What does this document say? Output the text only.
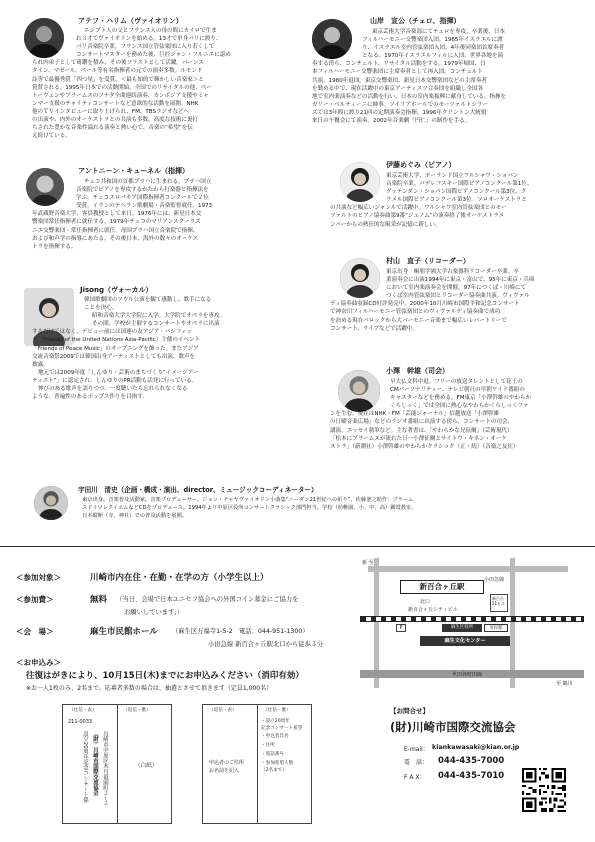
アテフ・ハリム（ヴァイオリン）
エジプト人の父とフランス人の母の間にカイロで生ま
れ３才でヴァイオリンを始める。13才で単身パリに渡り、
パリ音楽院卒業。フランス国立管弦楽団に入り若くして
コンサートマスターを務めた後、巨匠ジャン・フルニエに認め
られ内弟子として研鑽を積み、その後ソリストとして活躍。パーンス
タイン、マゼール、ペール等有名指揮者の元での演奏多数。ルモンド
誌等で最優秀賞「四つ星」を受賞。＜最も知的で輝かしい音楽家＞と
賞賛される。1995年日本での活動開始。全国でのリサイタルの他、ペー
トーヴェンやブラームスのソナタ全曲連続演奏、カンボジア支援やミャ
ンマー支援のチャリティコンサートなど意欲的な活動を展開。NHK
他のＴＶインタビューに取り上げられ、FM、TBSラジオなどへ
の出演や、内外のオーケストラとの共演も多数。高度な技術に裏打
ちされた豊かな音楽性溢れる演奏と熱い心で、音楽の“希望”を伝
え続けている。
アントニーン・キューネル（指揮）
チェコ共和国の首都プラハに生まれる。プラハ国立
音楽院でピアノを専攻するかたわら打楽器と指揮法を
学ぶ。チェコスロバキア国際指揮者コンクールで２位
受賞。イランのテヘラン歌劇場・音楽監督就任。1973
年武蔵野音楽大学、客員教授として来日。1976年には、新星日本交
響楽団常任指揮者に就任する。1979年チェコのマリアンスクーラズ
ニエ交響楽団・常任指揮者に就任。母国プラハ国立音楽院で指揮、
および和声学の指導にあたる。その後日本、海外の数々のオーケス
トラを指揮する。
Jisong（ヴォーカル）
韓国歌劇団のソウル公演を観て感動し、歌手になる
ことを決心。
昭和音楽大学大学院に入学。大学院でオペラを専攻。
その間、学校が主催するコンサートやオペラに出演
するだけではなく、デビュー前には国連の友アジア・パシフィッ
ク（Friends of the United Nations Asia-Pacific）主催のイベント
「Friends of Peace Music」のオープニングを飾った。またアジア
交流音楽祭2009では韓国出身アーティストとしても出演、歌声を
披露。
地元では2009年度「しんゆり・芸術のまちづくり“イメージアー
ティスト”」に認定され、しんゆりのPR活動も活発に行っている。
伸びのある歌声を語りつつ、一度聴いたら忘れられなくなる
ような、普遍性のあるポップス作りを目指す。
山岸　宣公（チェロ、指揮）
東京芸術大学音楽部にてチェロを専攻。卒業後、日本
フィルハーモニー交響楽団入団。1965年イスラエルに渡
り、イスラエル室内管弦楽団入団。4年後同楽団首席奏者
となる。1970年イスラエルフィルに入団。世界各地を演
奏する傍ら、コンチェルト、リサイタル活動をする。1979年帰国、日
本フィルハーモニー交響楽団に主席奏者として再入団。コンチェルト
共演。1980年退団。東京交響楽団、新星日本交響楽団などの主席奏者
を勤める中で、現在活躍中の東京アーティスツ合奏団を組織し全国各
地で室内楽演奏などの活動を行い、日本の室内楽振興に献身している。指揮を
ガリー・ベルティーニに師事。ソイリアホールでのモーツァルトシリー
ズでは3年間に渡り21回の定期演奏会指揮。1996年クリントン大統領
来日の午餐会にて演奏。2002年音楽劇「円仁」の制作を手る。
伊藤めぐみ（ピアノ）
東京芸術大学、ポーランド国立ワルシャワ・ショパン
音楽院卒業。パデレフスキー国際ピアノコンクール第1位。
グッテンダン・ショパン国際ピアノコンクール第3位、ク
ラメル国際ピアノコンクール第3位。ソロオーケストラと
の共演など幅広いジャンルで活躍中。ワルシャワ室内管弦楽団とのモー
ツァルトのピアノ協奏曲第9番“ジュノム”の演奏終了後オーケストラメ
ンバーからの熱狂的な喝采が記憶に新しい。
村山　直子（リコーダー）
東京出身　桐朋学園大学古楽器科リコーダー卒業。卒
業演奏会に出演1994年に東京・富山で、95年に東京・兵庫
において室内楽演奏会を開催。97年につくば・川崎にて
つくば室内管弦楽団とリコーダー協奏曲共演。ヴィヴァル
ディ協奏曲収録CD好評発売中。2000年10月川崎市国際平和記念コンサート
で神奈川フィルハーモニー管弦楽団とのヴィヴァルディ協奏曲で成功
を治める現在バロックから大バーモニー音楽まで幅広いレパートリーで
コンサート、ライブなどで活躍中。
小澤　幹雄（司会）
早大仏文科中退。フリーの放送タレントとして花王の
CMパーソナリティー、テレビ朝日の早朝ワイド番組の
キャスターなどを務める。FM東京「小澤幹雄のやわらか
くらしっく」では全国に熱心なやわらかくらしっくファ
ンを生む。現在はNHK・FM「芸能ジャーナル」信越放送「小澤幹雄
の日曜音楽広場」などのラジオ番組に出演する傍ら、コンサートの司会、
講演、エッセイ執筆など。主な著書は、「やわらかな兄征爾」（芸術現代）
「松本にブラームスが流れた日一小澤征爾とサイトウ・キネン・オーケ
ストラ」（新潮社）小澤幹雄のやわらかクラシック（正・続）（音楽之友社）
宇田川　清史（企画・構成・演出、director、ミュージックコーディネーター）
東京出身。音楽普及活動家。音楽プロデューサー。ジョン・チャヤヴァイオリン小曲集“ニーダン21世紀への祈り”、佐藤釜之助作：ブラーム
スドイツレクイエムなどCDをプロデュース。1994年より中原区役所コンサートクラシック部門担当。学校（幼稚園、小、中、高）鑑賞教室、
日本縦断（寺、神社）での普及活動を展開。
＜参加対象＞	川崎市内在住・在勤・在学の方（小学生以上）
＜参加費＞	無料 （当日、会場で日本ユニセフ協会への外国コイン募金にご協力を
お願いしています。）
＜会　場＞	麻生市民館ホール （麻生区万福寺1-5-2　電話：044-951-1300）
小田急線 新百合ヶ丘駅北口から徒歩３分
＜お申込み＞
往復はがきにより、10月15日(木)までにお申込みください（消印有効）
※お一人1枚のみ、2名まで。応募者多数の場合は、抽選とさせて頂きます（定員1,000名）
（往信・表）	（返信・裏）
211-0033
川崎市中原区木月祗園町２−２
（財）川崎市国際交流協会
設立20周年記念コンサート係	（白紙）
（返信・表）	（往信・裏）
申込者のご住所
お名前を記入
・設立20周年
記念コンサート希望
・申込者氏名
・住所
・電話番号
・参加希望人数
（2名まで）
新百合ヶ丘駅
小田急線
北口
新百合ヶ丘シティビル
新百合21ビル
P	麻生区役所	市民館
麻生文化センター
世田谷町田線
新 至
至 鶴川
【お問合せ】
(財)川崎市国際交流協会
E-mail： kiankawasaki@kian.or.jp
電　話： 044-435-7000
F A X： 044-435-7010
